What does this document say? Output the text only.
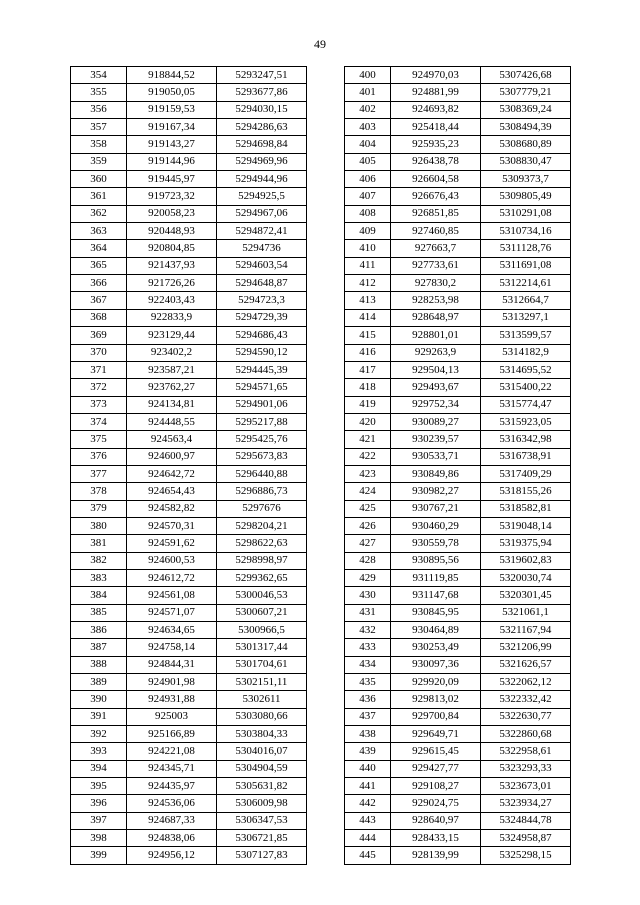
49
354	918844,52	5293247,51
355	919050,05	5293677,86
356	919159,53	5294030,15
357	919167,34	5294286,63
358	919143,27	5294698,84
359	919144,96	5294969,96
360	919445,97	5294944,96
361	919723,32	5294925,5
362	920058,23	5294967,06
363	920448,93	5294872,41
364	920804,85	5294736
365	921437,93	5294603,54
366	921726,26	5294648,87
367	922403,43	5294723,3
368	922833,9	5294729,39
369	923129,44	5294686,43
370	923402,2	5294590,12
371	923587,21	5294445,39
372	923762,27	5294571,65
373	924134,81	5294901,06
374	924448,55	5295217,88
375	924563,4	5295425,76
376	924600,97	5295673,83
377	924642,72	5296440,88
378	924654,43	5296886,73
379	924582,82	5297676
380	924570,31	5298204,21
381	924591,62	5298622,63
382	924600,53	5298998,97
383	924612,72	5299362,65
384	924561,08	5300046,53
385	924571,07	5300607,21
386	924634,65	5300966,5
387	924758,14	5301317,44
388	924844,31	5301704,61
389	924901,98	5302151,11
390	924931,88	5302611
391	925003	5303080,66
392	925166,89	5303804,33
393	924221,08	5304016,07
394	924345,71	5304904,59
395	924435,97	5305631,82
396	924536,06	5306009,98
397	924687,33	5306347,53
398	924838,06	5306721,85
399	924956,12	5307127,83
400	924970,03	5307426,68
401	924881,99	5307779,21
402	924693,82	5308369,24
403	925418,44	5308494,39
404	925935,23	5308680,89
405	926438,78	5308830,47
406	926604,58	5309373,7
407	926676,43	5309805,49
408	926851,85	5310291,08
409	927460,85	5310734,16
410	927663,7	5311128,76
411	927733,61	5311691,08
412	927830,2	5312214,61
413	928253,98	5312664,7
414	928648,97	5313297,1
415	928801,01	5313599,57
416	929263,9	5314182,9
417	929504,13	5314695,52
418	929493,67	5315400,22
419	929752,34	5315774,47
420	930089,27	5315923,05
421	930239,57	5316342,98
422	930533,71	5316738,91
423	930849,86	5317409,29
424	930982,27	5318155,26
425	930767,21	5318582,81
426	930460,29	5319048,14
427	930559,78	5319375,94
428	930895,56	5319602,83
429	931119,85	5320030,74
430	931147,68	5320301,45
431	930845,95	5321061,1
432	930464,89	5321167,94
433	930253,49	5321206,99
434	930097,36	5321626,57
435	929920,09	5322062,12
436	929813,02	5322332,42
437	929700,84	5322630,77
438	929649,71	5322860,68
439	929615,45	5322958,61
440	929427,77	5323293,33
441	929108,27	5323673,01
442	929024,75	5323934,27
443	928640,97	5324844,78
444	928433,15	5324958,87
445	928139,99	5325298,15
